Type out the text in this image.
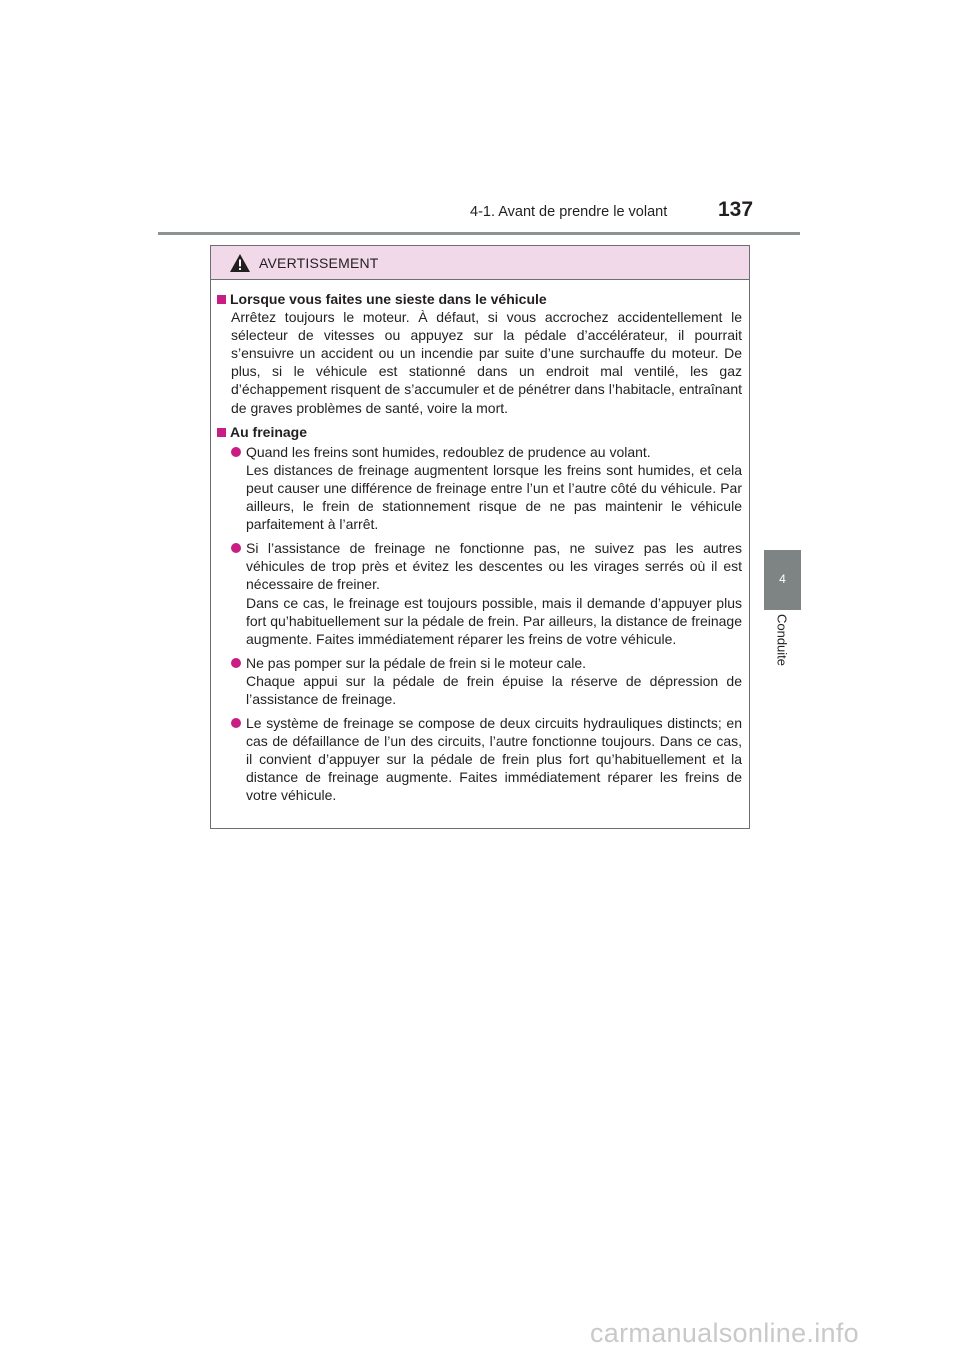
4-1. Avant de prendre le volant 137
4
Conduite
AVERTISSEMENT
Lorsque vous faites une sieste dans le véhicule
Arrêtez toujours le moteur. À défaut, si vous accrochez accidentellement le sélecteur de vitesses ou appuyez sur la pédale d’accélérateur, il pourrait s’ensuivre un accident ou un incendie par suite d’une surchauffe du moteur. De plus, si le véhicule est stationné dans un endroit mal ventilé, les gaz d’échappement risquent de s’accumuler et de pénétrer dans l’habitacle, entraînant de graves problèmes de santé, voire la mort.
Au freinage
Quand les freins sont humides, redoublez de prudence au volant.
Les distances de freinage augmentent lorsque les freins sont humides, et cela peut causer une différence de freinage entre l’un et l’autre côté du véhicule. Par ailleurs, le frein de stationnement risque de ne pas maintenir le véhicule parfaitement à l’arrêt.
Si l’assistance de freinage ne fonctionne pas, ne suivez pas les autres véhicules de trop près et évitez les descentes ou les virages serrés où il est nécessaire de freiner.
Dans ce cas, le freinage est toujours possible, mais il demande d’appuyer plus fort qu’habituellement sur la pédale de frein. Par ailleurs, la distance de freinage augmente. Faites immédiatement réparer les freins de votre véhicule.
Ne pas pomper sur la pédale de frein si le moteur cale.
Chaque appui sur la pédale de frein épuise la réserve de dépression de l’assistance de freinage.
Le système de freinage se compose de deux circuits hydrauliques distincts; en cas de défaillance de l’un des circuits, l’autre fonctionne toujours. Dans ce cas, il convient d’appuyer sur la pédale de frein plus fort qu’habituellement et la distance de freinage augmente. Faites immédiatement réparer les freins de votre véhicule.
carmanualsonline.info
